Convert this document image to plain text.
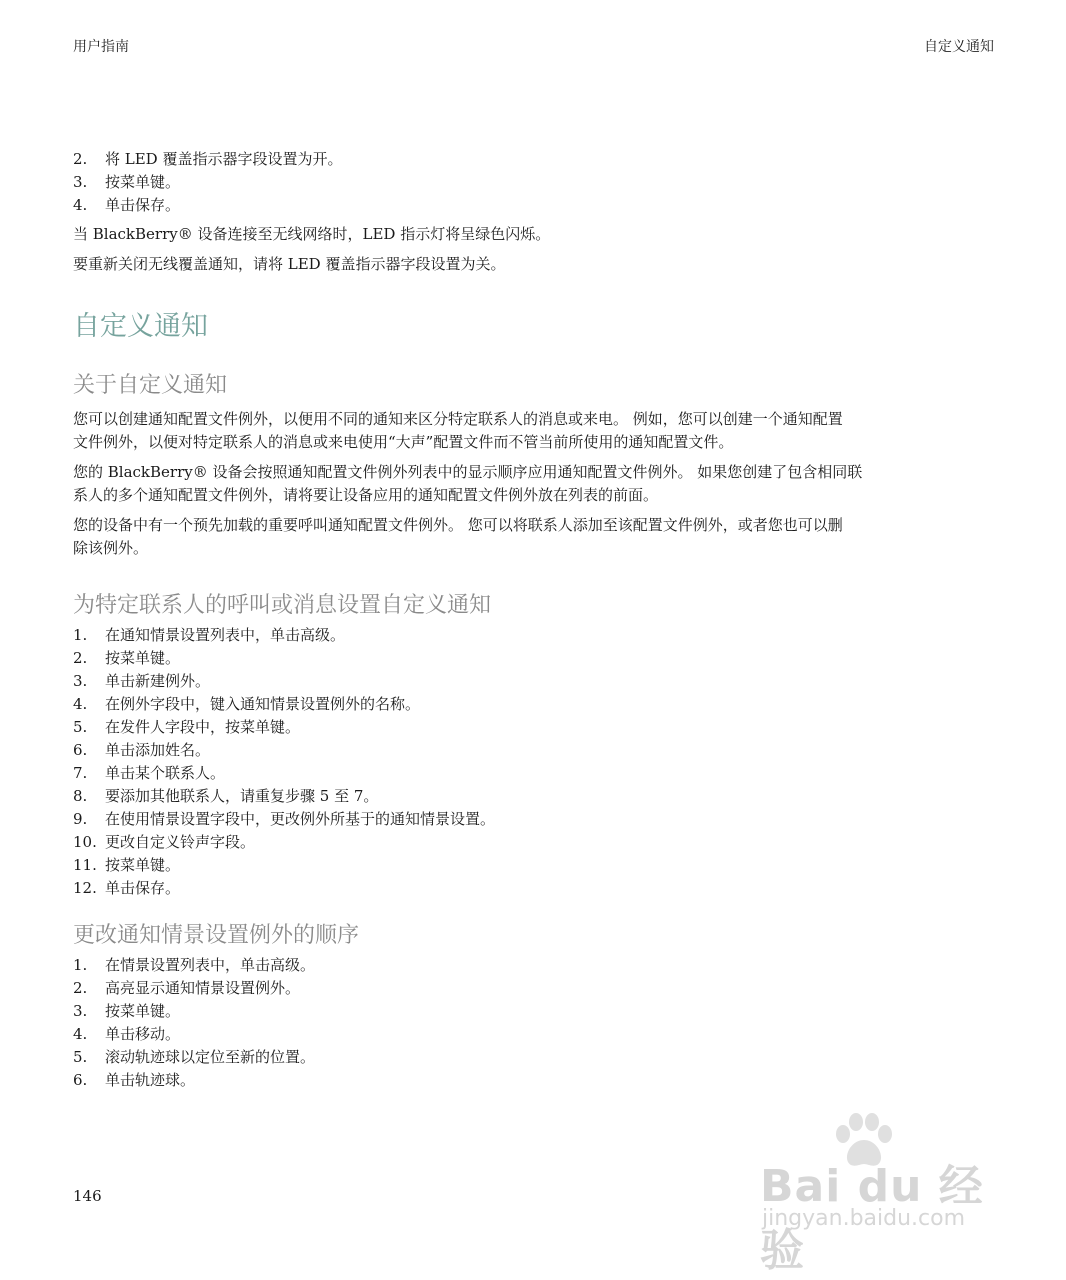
用户指南	自定义通知
2.	将 LED 覆盖指示器字段设置为开。
3.	按菜单键。
4.	单击保存。

当 BlackBerry® 设备连接至无线网络时，LED 指示灯将呈绿色闪烁。

要重新关闭无线覆盖通知，请将 LED 覆盖指示器字段设置为关。

自定义通知
关于自定义通知

您可以创建通知配置文件例外，以便用不同的通知来区分特定联系人的消息或来电。 例如，您可以创建一个通知配置
文件例外，以便对特定联系人的消息或来电使用“大声”配置文件而不管当前所使用的通知配置文件。

您的 BlackBerry® 设备会按照通知配置文件例外列表中的显示顺序应用通知配置文件例外。 如果您创建了包含相同联
系人的多个通知配置文件例外，请将要让设备应用的通知配置文件例外放在列表的前面。

您的设备中有一个预先加载的重要呼叫通知配置文件例外。 您可以将联系人添加至该配置文件例外，或者您也可以删
除该例外。

为特定联系人的呼叫或消息设置自定义通知
1.	在通知情景设置列表中，单击高级。
2.	按菜单键。
3.	单击新建例外。
4.	在例外字段中，键入通知情景设置例外的名称。
5.	在发件人字段中，按菜单键。
6.	单击添加姓名。
7.	单击某个联系人。
8.	要添加其他联系人，请重复步骤 5 至 7。
9.	在使用情景设置字段中，更改例外所基于的通知情景设置。
10. 更改自定义铃声字段。
11. 按菜单键。
12. 单击保存。
更改通知情景设置例外的顺序
1.	在情景设置列表中，单击高级。
2.	高亮显示通知情景设置例外。
3.	按菜单键。
4.	单击移动。
5.	滚动轨迹球以定位至新的位置。
6.	单击轨迹球。
146	Bai du 经验
jingyan.baidu.com
